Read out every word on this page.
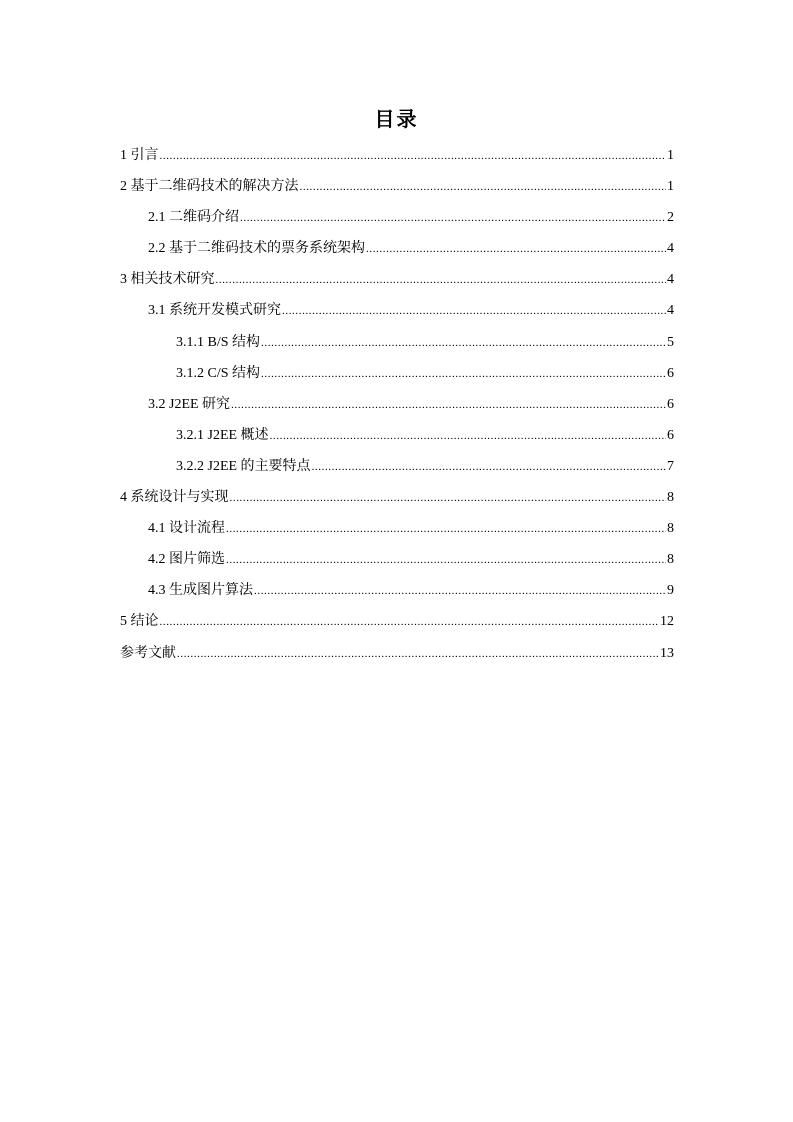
目录
1 引言 .....	1
2 基于二维码技术的解决方法 .....	1
2.1 二维码介绍 .....	2
2.2 基于二维码技术的票务系统架构 .....	4
3 相关技术研究 .....	4
3.1 系统开发模式研究 .....	4
3.1.1 B/S 结构 .....	5
3.1.2 C/S 结构 .....	6
3.2 J2EE 研究 .....	6
3.2.1 J2EE 概述 .....	6
3.2.2 J2EE 的主要特点 .....	7
4 系统设计与实现 .....	8
4.1 设计流程 .....	8
4.2 图片筛选 .....	8
4.3 生成图片算法 .....	9
5 结论 .....	12
参考文献 .....	13
